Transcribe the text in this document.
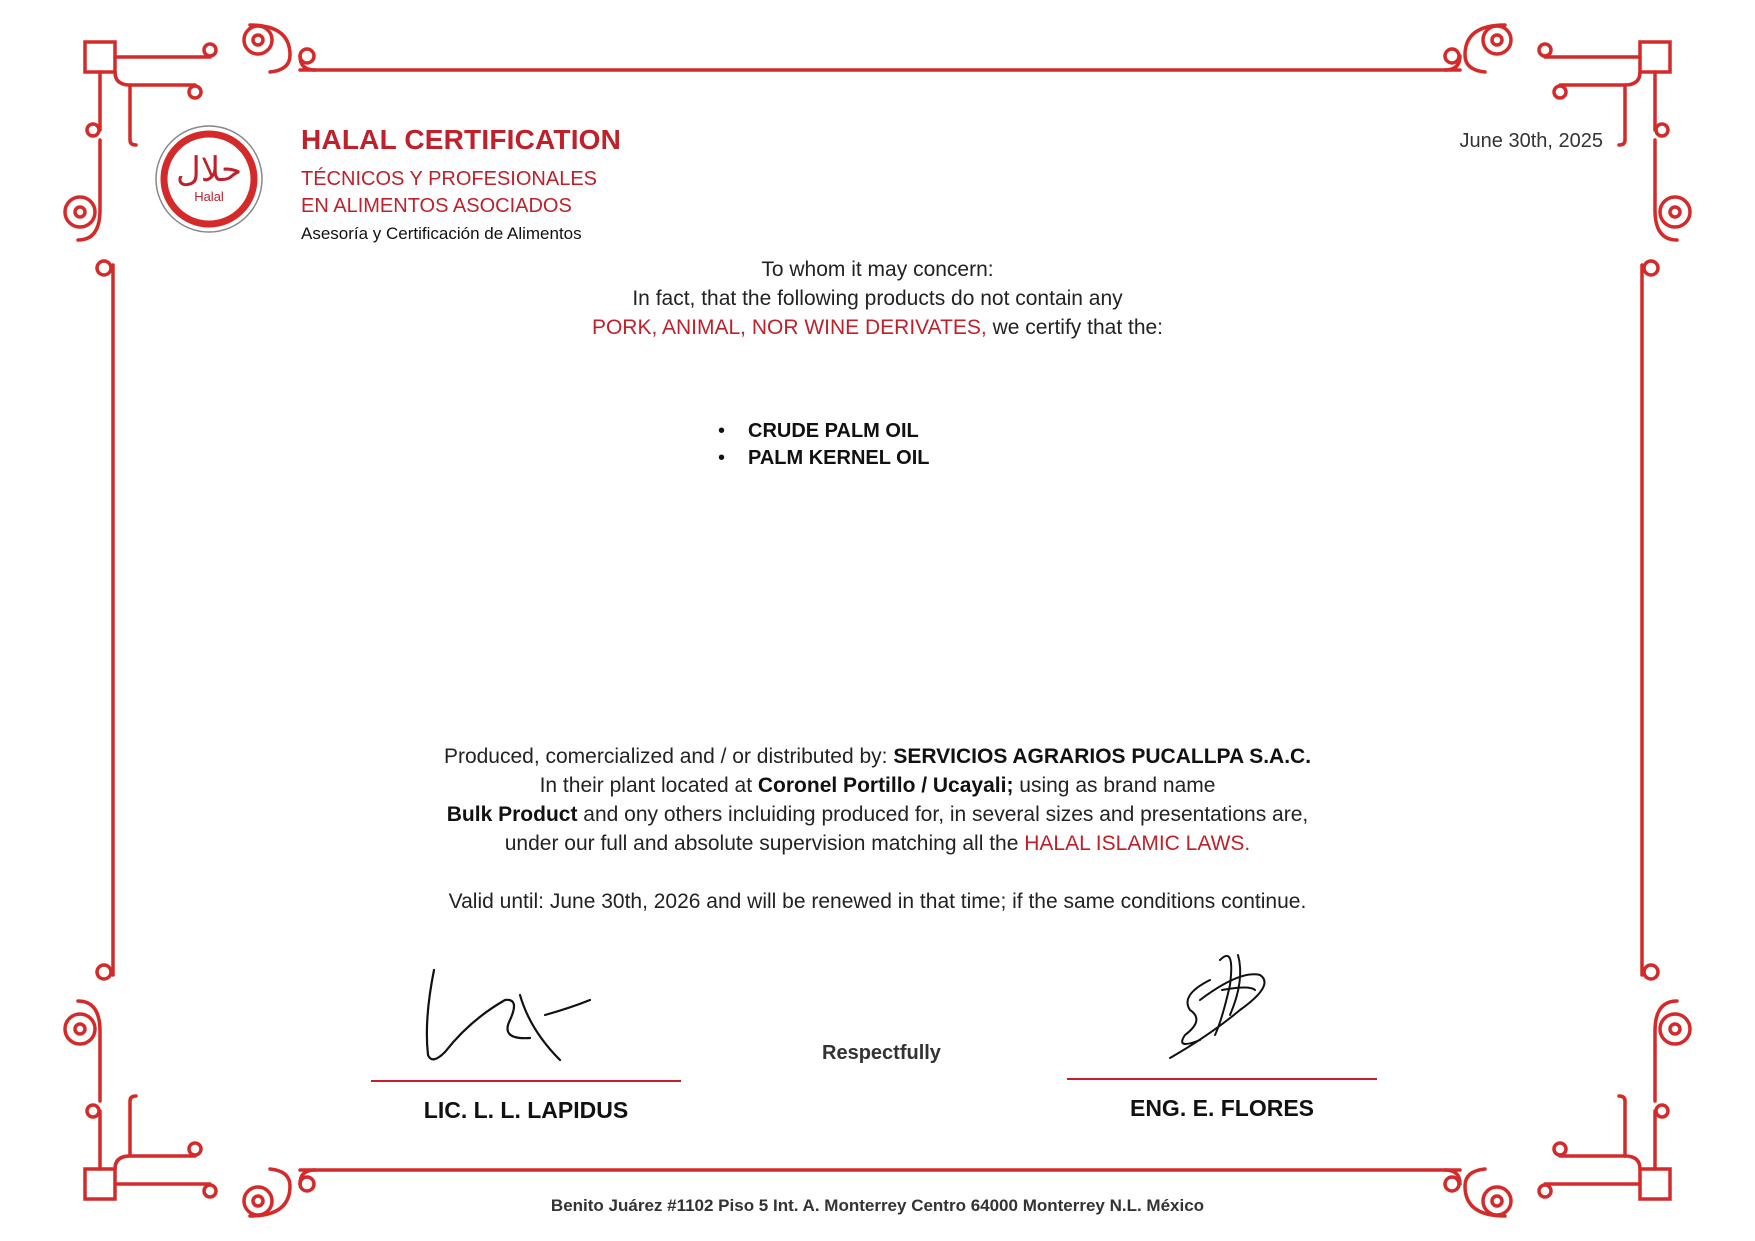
حلال
Halal
HALAL CERTIFICATION
TÉCNICOS Y PROFESIONALES
EN ALIMENTOS ASOCIADOS
Asesoría y Certificación de Alimentos
June 30th, 2025
To whom it may concern:
In fact, that the following products do not contain any
PORK, ANIMAL, NOR WINE DERIVATES, we certify that the:
• CRUDE PALM OIL
• PALM KERNEL OIL
Produced, comercialized and / or distributed by: SERVICIOS AGRARIOS PUCALLPA S.A.C.
In their plant located at Coronel Portillo / Ucayali; using as brand name
Bulk Product and ony others incluiding produced for, in several sizes and presentations are,
under our full and absolute supervision matching all the HALAL ISLAMIC LAWS.
Valid until: June 30th, 2026 and will be renewed in that time; if the same conditions continue.
LIC. L. L. LAPIDUS
Respectfully
ENG. E. FLORES
Benito Juárez #1102 Piso 5 Int. A. Monterrey Centro 64000 Monterrey N.L. México
